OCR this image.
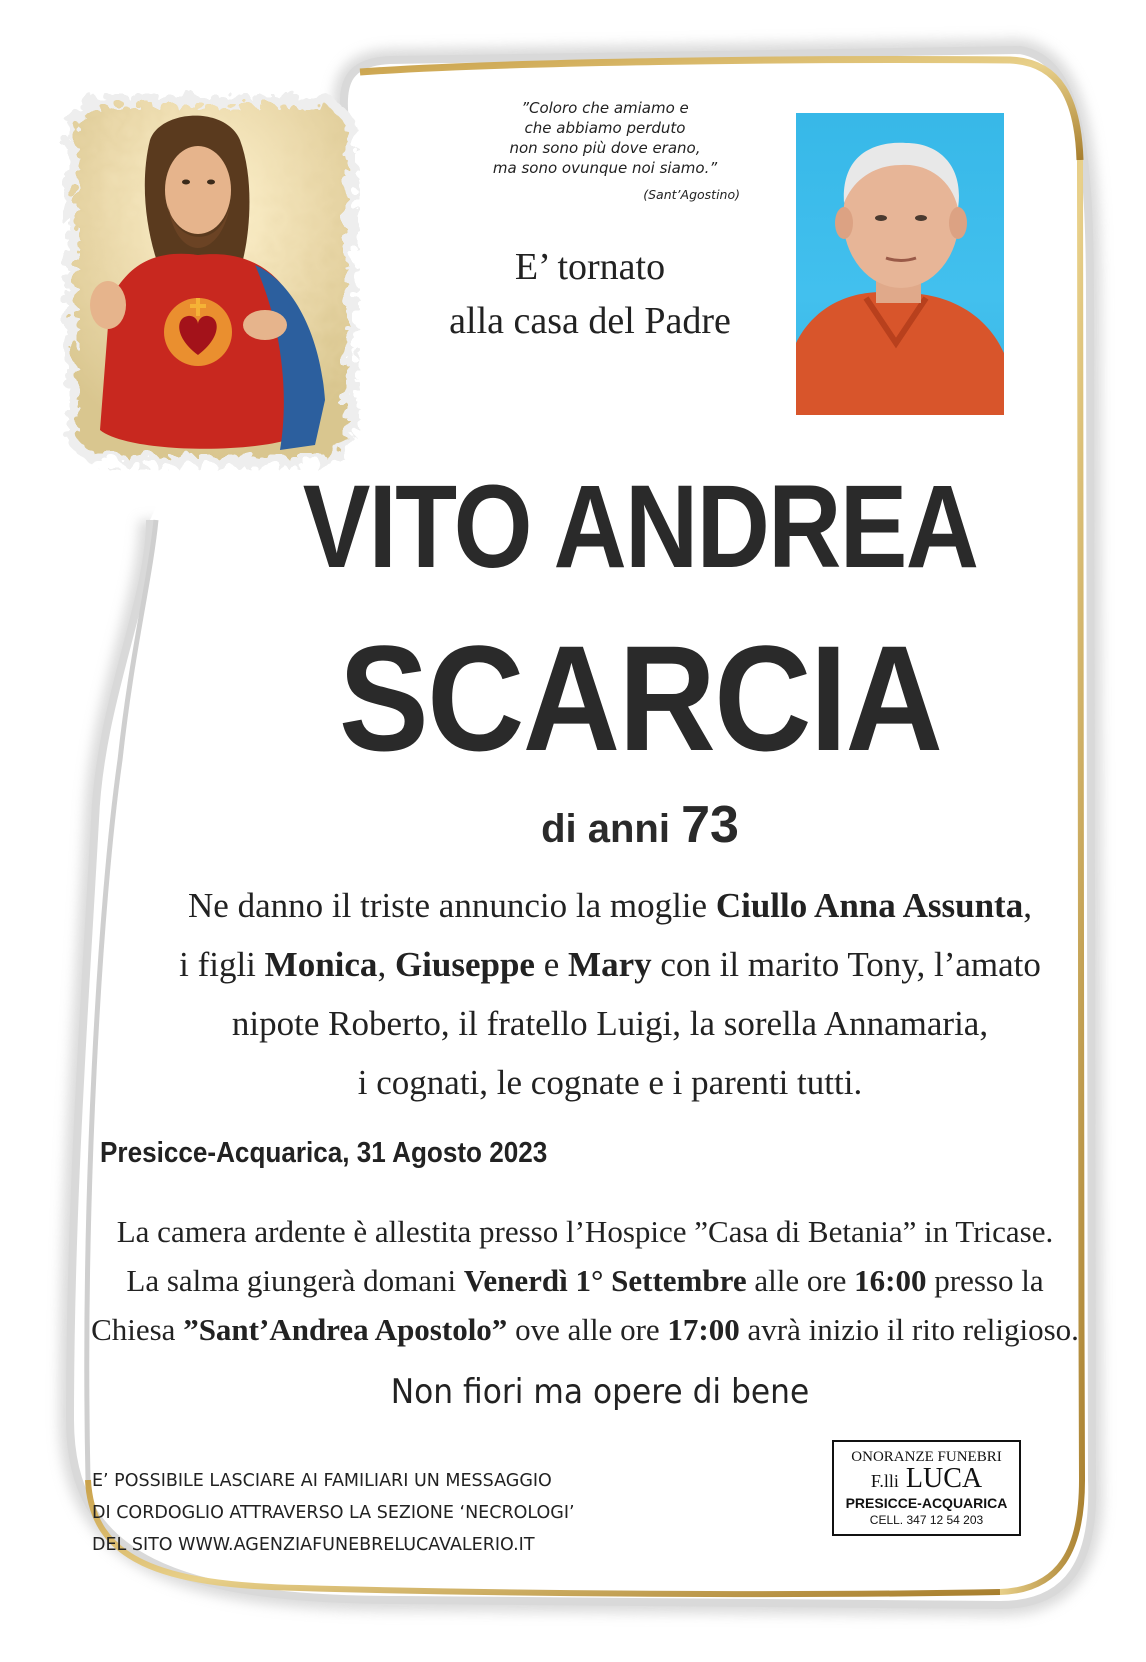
”Coloro che amiamo e
che abbiamo perduto
non sono più dove erano,
ma sono ovunque noi siamo.”
(Sant’Agostino)
E’ tornato
alla casa del Padre
VITO ANDREA
SCARCIA
di anni 73
Ne danno il triste annuncio la moglie Ciullo Anna Assunta,
i figli Monica, Giuseppe e Mary con il marito Tony, l’amato
nipote Roberto, il fratello Luigi, la sorella Annamaria,
i cognati, le cognate e i parenti tutti.
Presicce-Acquarica, 31 Agosto 2023
La camera ardente è allestita presso l’Hospice ”Casa di Betania” in Tricase.
La salma giungerà domani Venerdì 1° Settembre alle ore 16:00 presso la
Chiesa ”Sant’Andrea Apostolo” ove alle ore 17:00 avrà inizio il rito religioso.
Non fiori ma opere di bene
E’ POSSIBILE LASCIARE AI FAMILIARI UN MESSAGGIO
DI CORDOGLIO ATTRAVERSO LA SEZIONE ‘NECROLOGI’
DEL SITO WWW.AGENZIAFUNEBRELUCAVALERIO.IT
ONORANZE FUNEBRI
F.lli LUCA
PRESICCE-ACQUARICA
CELL. 347 12 54 203
